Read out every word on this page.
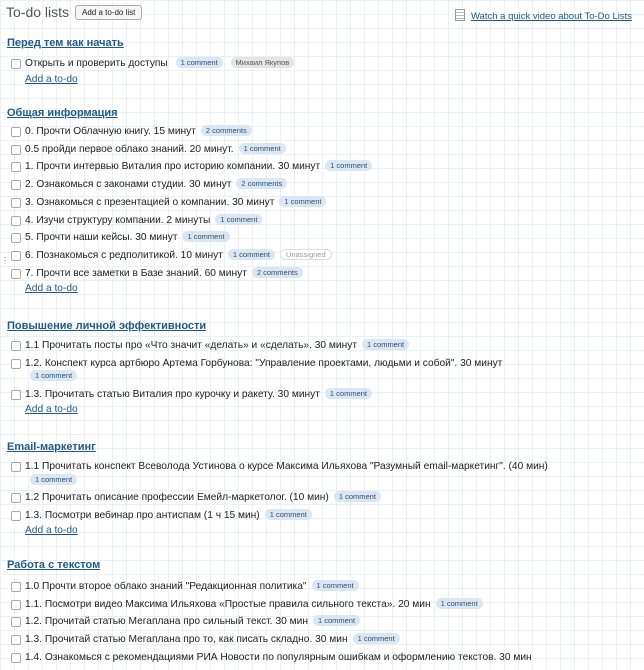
To-do lists	Add a to-do list	Watch a quick video about To-Do Lists
Перед тем как начать
Открыть и проверить доступы 1 comment Михаил Якупов
Add a to-do
Общая информация
0. Прочти Облачную книгу. 15 минут 2 comments
0.5 пройди первое облако знаний. 20 минут. 1 comment
1. Прочти интервью Виталия про историю компании. 30 минут 1 comment
2. Ознакомься с законами студии. 30 минут 2 comments
3. Ознакомься с презентацией о компании. 30 минут 1 comment
4. Изучи структуру компании. 2 минуты 1 comment
5. Прочти наши кейсы. 30 минут 1 comment
⋮ 6. Познакомься с редполитикой. 10 минут 1 comment Unassigned
7. Прочти все заметки в Базе знаний. 60 минут 2 comments
Add a to-do
Повышение личной эффективности
1.1 Прочитать посты про «Что значит «делать» и «сделать». 30 минут 1 comment
1.2. Конспект курса артбюро Артема Горбунова: "Управление проектами, людьми и собой". 30 минут1 comment
1.3. Прочитать статью Виталия про курочку и ракету. 30 минут 1 comment
Add a to-do
Email-маркетинг
1.1 Прочитать конспект Всеволода Устинова о курсе Максима Ильяхова "Разумный email-маркетинг". (40 мин)1 comment
1.2 Прочитать описание профессии Емейл-маркетолог. (10 мин) 1 comment
1.3. Посмотри вебинар про антиспам (1 ч 15 мин) 1 comment
Add a to-do
Работа с текстом
1.0 Прочти второе облако знаний "Редакционная политика" 1 comment
1.1. Посмотри видео Максима Ильяхова «Простые правила сильного текста». 20 мин 1 comment
1.2. Прочитай статью Мегаплана про сильный текст. 30 мин 1 comment
1.3. Прочитай статью Мегаплана про то, как писать складно. 30 мин 1 comment
1.4. Ознакомься с рекомендациями РИА Новости по популярным ошибкам и оформлению текстов. 30 мин
